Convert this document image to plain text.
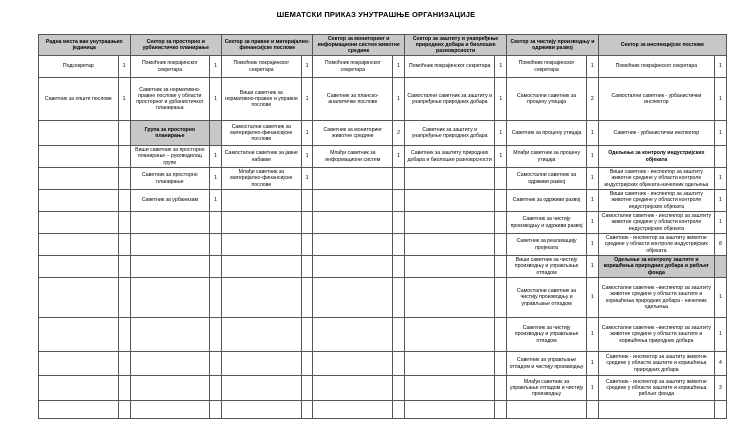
ШЕМАТСКИ ПРИКАЗ УНУТРАШЊЕ ОРГАНИЗАЦИЈЕ
Радна места ван унутрашњих јединица		Сектор за просторно и урбанистичко планирање		Сектор за правне и материјално-финансијске послове		Сектор за мониторинг и информациони систем животне средине		Сектор за заштиту и унапређење природних добара и биолошке разноврсности		Сектор за чистију производњу и одрживи развој		Сектор за инспекцијске послове	
Подсекретар	1	Помоћник покрајинског секретара	1	Помоћник покрајинског секретара	1	Помоћник покрајинског секретара	1	Помоћник покрајинског секретара	1	Помоћник покрајинског секретара	1	Помоћник покрајинског секретара	1
Саветник за опште послове	1	Саветник за нормативно- правне послове у области просторног и урбанистичког планирања	1	Виши саветник за нормативно-правне и управне послове	1	Саветник за планско- аналитичке послове	1	Самостални саветник за заштиту и унапређење природних добара	1	Самостални саветник за процену утицаја	2	Самостални саветник - урбанистички инспектор	1
		Група за просторно планирање		Самостални саветник за материјално-финансијске послове	1	Саветник за мониторинг животне средине	2	Саветник за заштиту и унапређење природних добара	1	Саветник за процену утицаја	1	Саветник - урбанистички инспектор	1
		Виши саветник за просторно планирање – руководилац групе	1	Самостални саветник за јавне набавке	1	Млађи саветник за информациони систем	1	Саветник за заштиту природних добара и биолошке разноврсности	1	Млађи саветник за процену утицаја	1	Одељење за контролу индустријских објеката	
		Саветник за просторно планирање	1	Млађи саветник за материјално-финансијске послове	1					Самостални саветник за одрживи развој	1	Виши саветник - инспектор за заштиту животне средине у области контроле индустријских објеката-начелник одељења	1
		Саветник за урбанизам	1							Саветник за одрживи развој	1	Виши саветник - инспектор за заштиту животне средине у области контроле индустријских објеката	1
										Саветник за чистију производњу и одрживи развој	1	Самостални саветник - инспектор за заштиту животне средине у области контроле индустријских објеката	1
										Саветник за реализацију пројеката	1	Саветник - инспектор за заштиту животне средине у области контроле индустријских објеката	8
										Виши саветник за чистију производњу и управљање отпадом	1	Одељење за контролу заштите и коришћења природних добара и рибљег фонда	
										Самостални саветник за чистију производњу и управљање отпадом	1	Самостални саветник –инспектор за заштиту животне средине у области заштите и коришћења природних добара - начелник одељења	1
										Саветник за чистију производњу и управљање отпадом	1	Самостални саветник –инспектор за заштиту животне средине у области заштите и коришћења природних добара	1
										Саветник за управљање отпадом и чистију производњу	1	Саветник - инспектор за заштиту животне средине у области заштите и коришћења природних добара	4
										Млађи саветник за управљање отпадом и чистију производњу	1	Саветник - инспектор за заштиту животне средине у области заштите и коришћења рибљег фонда	3
